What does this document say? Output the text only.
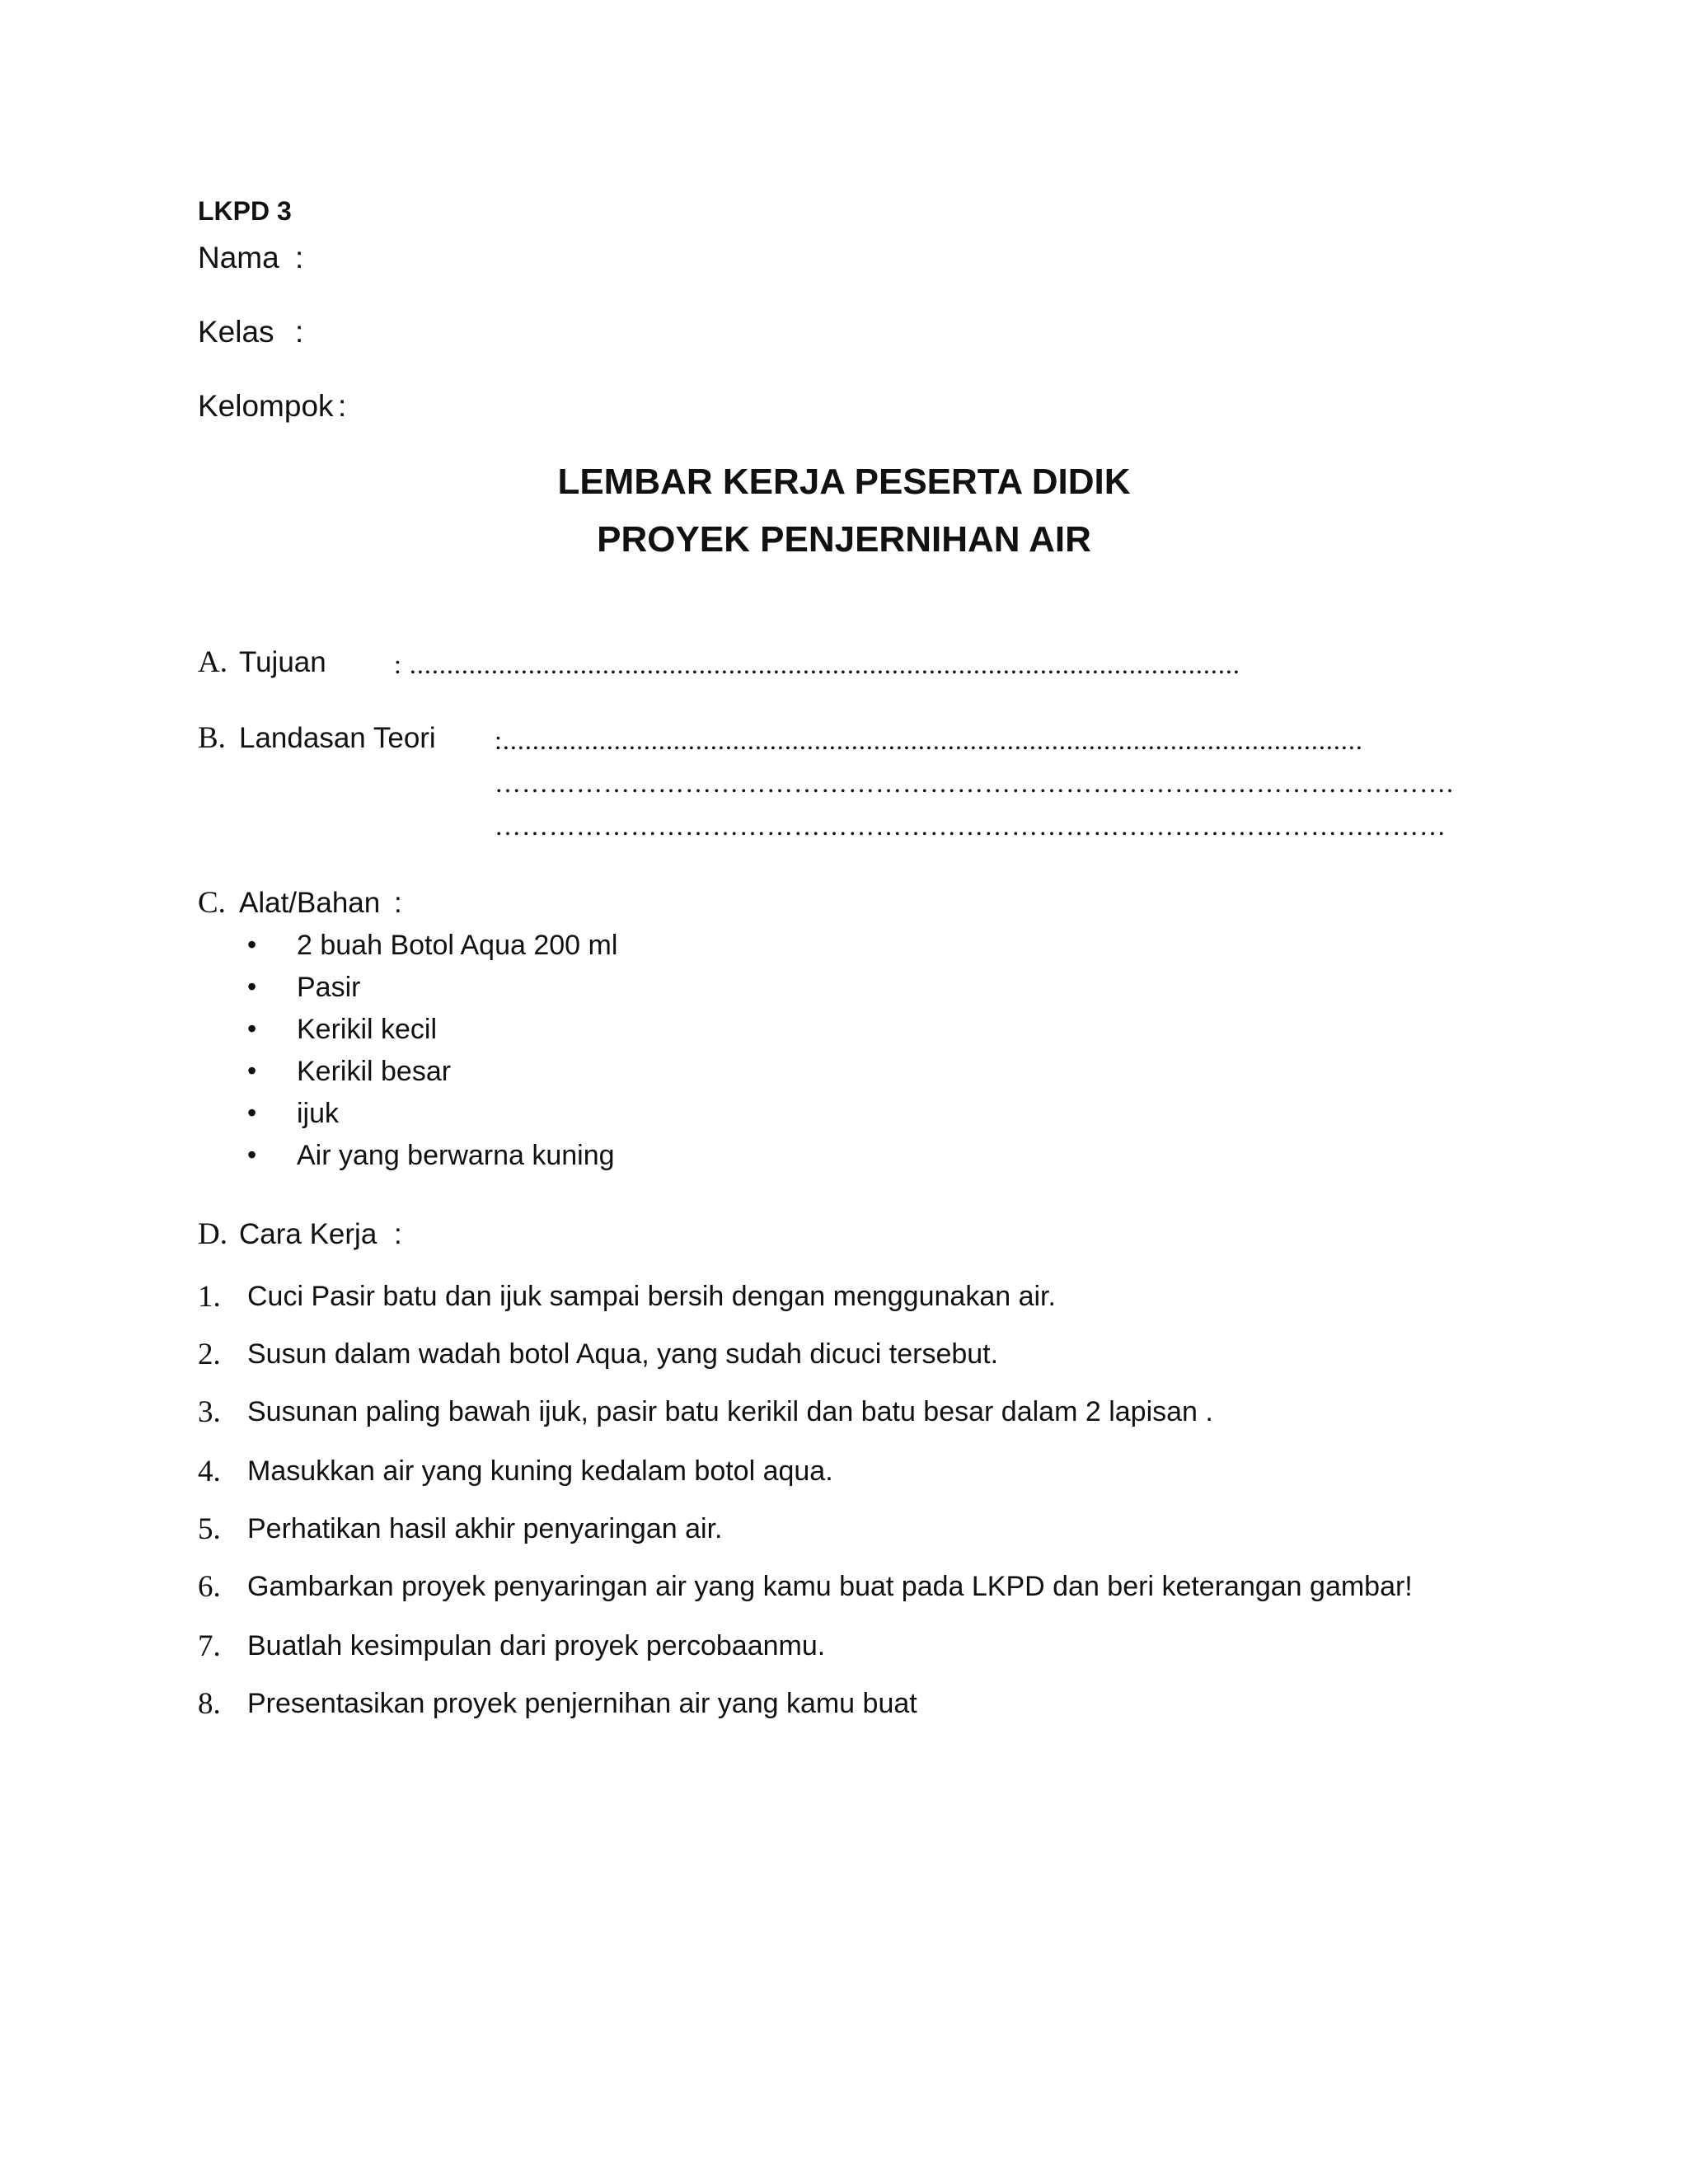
LKPD 3
Nama :
Kelas :
Kelompok :
LEMBAR KERJA PESERTA DIDIK
PROYEK PENJERNIHAN AIR
A. Tujuan	: ................................................................................................................
B. Landasan Teori :....................................................................................................................
…………………………………………………………………………………………….
……………………………………………………………………………………………
C. Alat/Bahan :
• 2 buah Botol Aqua 200 ml
• Pasir
• Kerikil kecil
• Kerikil besar
• ijuk
• Air yang berwarna kuning
D. Cara Kerja :
1. Cuci Pasir batu dan ijuk sampai bersih dengan menggunakan air.
2. Susun dalam wadah botol Aqua, yang sudah dicuci tersebut.
3. Susunan paling bawah ijuk, pasir batu kerikil dan batu besar dalam 2 lapisan .
4. Masukkan air yang kuning kedalam botol aqua.
5. Perhatikan hasil akhir penyaringan air.
6. Gambarkan proyek penyaringan air yang kamu buat pada LKPD dan beri keterangan gambar!
7. Buatlah kesimpulan dari proyek percobaanmu.
8. Presentasikan proyek penjernihan air yang kamu buat
